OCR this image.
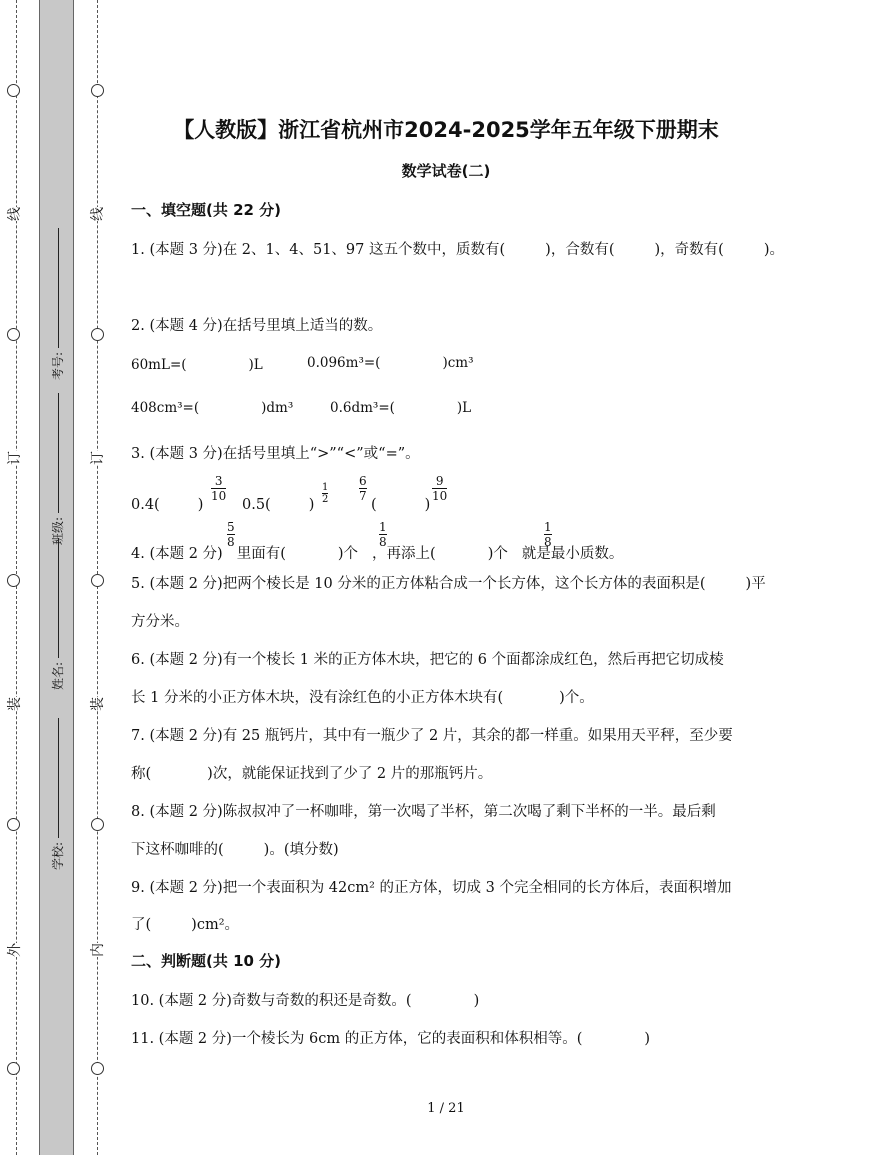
线
订
装
外
线
订
装
内
考号:
班级:
姓名:
学校:
【人教版】浙江省杭州市2024-2025学年五年级下册期末
数学试卷(二)
一、填空题(共 22 分)
1. (本题 3 分)在 2、1、4、51、97 这五个数中，质数有(	)，合数有(	)，奇数有(	)。
2. (本题 4 分)在括号里填上适当的数。
60mL=(	)L	0.096m³=(	)cm³
408cm³=(	)dm³	0.6dm³=(	)L
3. (本题 3 分)在括号里填上“>”“<”或“=”。
0.4(	)
3
10
0.5(	)
1
2
6
7
(	)
9
10
4. (本题 2 分) 里面有(	)个 ，再添上(	)个 就是最小质数。
5
8
1
8
1
8
5. (本题 2 分)把两个棱长是 10 分米的正方体粘合成一个长方体，这个长方体的表面积是(	)平
方分米。
6. (本题 2 分)有一个棱长 1 米的正方体木块，把它的 6 个面都涂成红色，然后再把它切成棱
长 1 分米的小正方体木块，没有涂红色的小正方体木块有(	)个。
7. (本题 2 分)有 25 瓶钙片，其中有一瓶少了 2 片，其余的都一样重。如果用天平秤，至少要
称(	)次，就能保证找到了少了 2 片的那瓶钙片。
8. (本题 2 分)陈叔叔冲了一杯咖啡，第一次喝了半杯，第二次喝了剩下半杯的一半。最后剩
下这杯咖啡的(	)。(填分数)
9. (本题 2 分)把一个表面积为 42cm² 的正方体，切成 3 个完全相同的长方体后，表面积增加
了(	)cm²。
二、判断题(共 10 分)
10. (本题 2 分)奇数与奇数的积还是奇数。(	)
11. (本题 2 分)一个棱长为 6cm 的正方体，它的表面积和体积相等。(	)
1 / 21
